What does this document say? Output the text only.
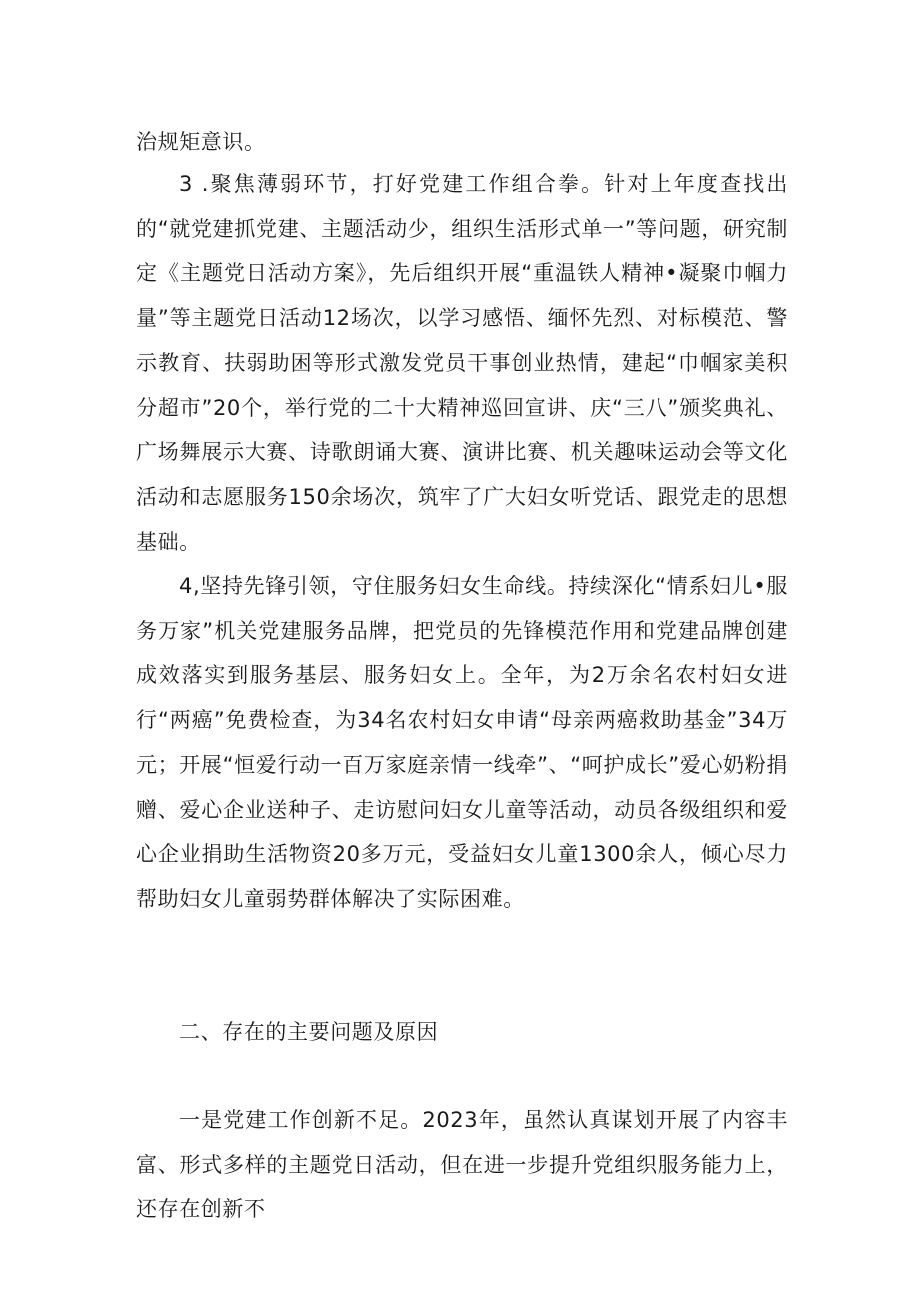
治规矩意识。

3 .聚焦薄弱环节，打好党建工作组合拳。针对上年度查找出的“就党建抓党建、主题活动少，组织生活形式单一”等问题，研究制定《主题党日活动方案》，先后组织开展“重温铁人精神•凝聚巾帼力量”等主题党日活动12场次，以学习感悟、缅怀先烈、对标模范、警示教育、扶弱助困等形式激发党员干事创业热情，建起“巾帼家美积分超市”20个，举行党的二十大精神巡回宣讲、庆“三八”颁奖典礼、广场舞展示大赛、诗歌朗诵大赛、演讲比赛、机关趣味运动会等文化活动和志愿服务150余场次，筑牢了广大妇女听党话、跟党走的思想基础。

4,坚持先锋引领，守住服务妇女生命线。持续深化“情系妇儿•服务万家”机关党建服务品牌，把党员的先锋模范作用和党建品牌创建成效落实到服务基层、服务妇女上。全年，为2万余名农村妇女进行“两癌”免费检查，为34名农村妇女申请“母亲两癌救助基金”34万元；开展“恒爱行动一百万家庭亲情一线牵”、“呵护成长”爱心奶粉捐赠、爱心企业送种子、走访慰问妇女儿童等活动，动员各级组织和爱心企业捐助生活物资20多万元，受益妇女儿童1300余人，倾心尽力帮助妇女儿童弱势群体解决了实际困难。

二、存在的主要问题及原因

一是党建工作创新不足。2023年，虽然认真谋划开展了内容丰富、形式多样的主题党日活动，但在进一步提升党组织服务能力上，还存在创新不
